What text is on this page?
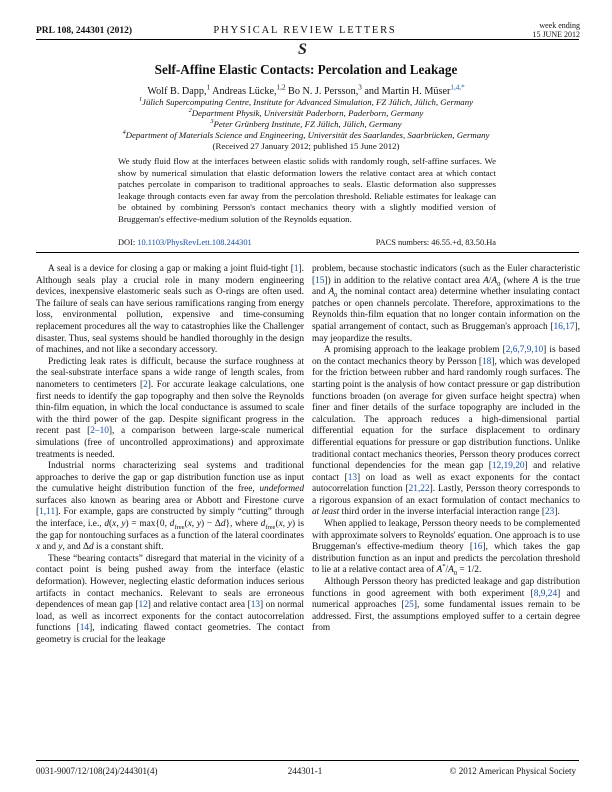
PRL 108, 244301 (2012)	PHYSICAL REVIEW LETTERS	week ending
15 JUNE 2012
S
Self-Affine Elastic Contacts: Percolation and Leakage
Wolf B. Dapp,$^1$ Andreas Lücke,$^{1,2}$ Bo N. J. Persson,$^3$ and Martin H. Müser$^{1,4,*}$
$^1$Jülich Supercomputing Centre, Institute for Advanced Simulation, FZ Jülich, Jülich, Germany
$^2$Department Physik, Universität Paderborn, Paderborn, Germany
$^3$Peter Grünberg Institute, FZ Jülich, Jülich, Germany
$^4$Department of Materials Science and Engineering, Universität des Saarlandes, Saarbrücken, Germany
(Received 27 January 2012; published 15 June 2012)
We study fluid flow at the interfaces between elastic solids with randomly rough, self-affine surfaces. We show by numerical simulation that elastic deformation lowers the relative contact area at which contact patches percolate in comparison to traditional approaches to seals. Elastic deformation also suppresses leakage through contacts even far away from the percolation threshold. Reliable estimates for leakage can be obtained by combining Persson's contact mechanics theory with a slightly modified version of Bruggeman's effective-medium solution of the Reynolds equation.
DOI: 10.1103/PhysRevLett.108.244301	PACS numbers: 46.55.+d, 83.50.Ha

A seal is a device for closing a gap or making a joint fluid-tight [1]. Although seals play a crucial role in many modern engineering devices, inexpensive elastomeric seals such as O-rings are often used. The failure of seals can have serious ramifications ranging from energy loss, environmental pollution, expensive and time-consuming replacement procedures all the way to catastrophies like the Challenger disaster. Thus, seal systems should be handled thoroughly in the design of machines, and not like a secondary accessory.

Predicting leak rates is difficult, because the surface roughness at the seal-substrate interface spans a wide range of length scales, from nanometers to centimeters [2]. For accurate leakage calculations, one first needs to identify the gap topography and then solve the Reynolds thin-film equation, in which the local conductance is assumed to scale with the third power of the gap. Despite significant progress in the recent past [2–10], a comparison between large-scale numerical simulations (free of uncontrolled approximations) and approximate treatments is needed.

Industrial norms characterizing seal systems and traditional approaches to derive the gap or gap distribution function use as input the cumulative height distribution function of the free, undeformed surfaces also known as bearing area or Abbott and Firestone curve [1,11]. For example, gaps are constructed by simply “cutting” through the interface, i.e., d(x, y) = max{0, $d_{free}(x$, y) − Δd}, where $d_{free}(x$, y) is the gap for nontouching surfaces as a function of the lateral coordinates x and y, and Δd is a constant shift.

These “bearing contacts” disregard that material in the vicinity of a contact point is being pushed away from the interface (elastic deformation). However, neglecting elastic deformation induces serious artifacts in contact mechanics. Relevant to seals are erroneous dependences of mean gap [12] and relative contact area [13] on normal load, as well as incorrect exponents for the contact autocorrelation functions [14], indicating flawed contact geometries. The contact geometry is crucial for the leakage

problem, because stochastic indicators (such as the Euler characteristic [15]) in addition to the relative contact area $A/A_0$ (where A is the true and $A_0$ the nominal contact area) determine whether insulating contact patches or open channels percolate. Therefore, approximations to the Reynolds thin-film equation that no longer contain information on the spatial arrangement of contact, such as Bruggeman's approach [16,17], may jeopardize the results.

A promising approach to the leakage problem [2,6,7,9,10] is based on the contact mechanics theory by Persson [18], which was developed for the friction between rubber and hard randomly rough surfaces. The starting point is the analysis of how contact pressure or gap distribution functions broaden (on average for given surface height spectra) when finer and finer details of the surface topography are included in the calculation. The approach reduces a high-dimensional partial differential equation for the surface displacement to ordinary differential equations for pressure or gap distribution functions. Unlike traditional contact mechanics theories, Persson theory produces correct functional dependencies for the mean gap [12,19,20] and relative contact [13] on load as well as exact exponents for the contact autocorrelation function [21,22]. Lastly, Persson theory corresponds to a rigorous expansion of an exact formulation of contact mechanics to at least third order in the inverse interfacial interaction range [23].

When applied to leakage, Persson theory needs to be complemented with approximate solvers to Reynolds' equation. One approach is to use Bruggeman's effective-medium theory [16], which takes the gap distribution function as an input and predicts the percolation threshold to lie at a relative contact area of $A^*/A_0 = 1/2$.

Although Persson theory has predicted leakage and gap distribution functions in good agreement with both experiment [8,9,24] and numerical approaches [25], some fundamental issues remain to be addressed. First, the assumptions employed suffer to a certain degree from

0031-9007/12/108(24)/244301(4)	244301-1	© 2012 American Physical Society
